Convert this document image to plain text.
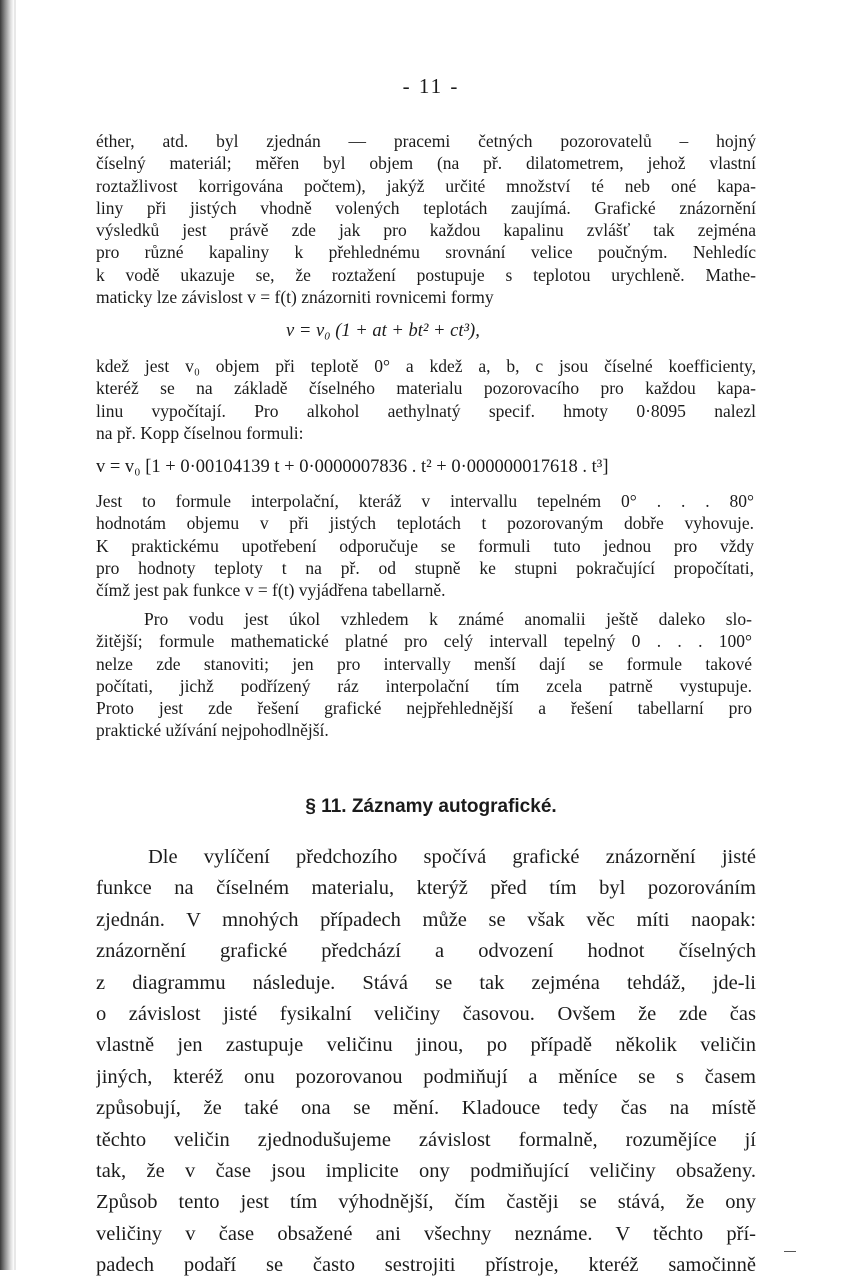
- 11 -
éther, atd. byl zjednán — pracemi četných pozorovatelů – hojný
číselný materiál; měřen byl objem (na př. dilatometrem, jehož vlastní
roztažlivost korrigována počtem), jakýž určité množství té neb oné kapa-
liny při jistých vhodně volených teplotách zaujímá. Grafické znázornění
výsledků jest právě zde jak pro každou kapalinu zvlášť tak zejména
pro různé kapaliny k přehlednému srovnání velice poučným. Nehledíc
k vodě ukazuje se, že roztažení postupuje s teplotou urychleně. Mathe-
maticky lze závislost v = f(t) znázorniti rovnicemi formy
v = v₀ (1 + at + bt² + ct³),
kdež jest v₀ objem při teplotě 0° a kdež a, b, c jsou číselné koefficienty,
kteréž se na základě číselného materialu pozorovacího pro každou kapa-
linu vypočítají. Pro alkohol aethylnatý specif. hmoty 0·8095 nalezl
na př. Kopp číselnou formuli:
v = v₀ [1 + 0·00104139 t + 0·0000007836 . t² + 0·000000017618 . t³]
Jest to formule interpolační, kteráž v intervallu tepelném 0° . . . 80°
hodnotám objemu v při jistých teplotách t pozorovaným dobře vyhovuje.
K praktickému upotřebení odporučuje se formuli tuto jednou pro vždy
pro hodnoty teploty t na př. od stupně ke stupni pokračující propočítati,
čímž jest pak funkce v = f(t) vyjádřena tabellarně.
Pro vodu jest úkol vzhledem k známé anomalii ještě daleko slo-
žitější; formule mathematické platné pro celý intervall tepelný 0 . . . 100°
nelze zde stanoviti; jen pro intervally menší dají se formule takové
počítati, jichž podřízený ráz interpolační tím zcela patrně vystupuje.
Proto jest zde řešení grafické nejpřehlednější a řešení tabellarní pro
praktické užívání nejpohodlnější.
§ 11. Záznamy autografické.
Dle vylíčení předchozího spočívá grafické znázornění jisté
funkce na číselném materialu, kterýž před tím byl pozorováním
zjednán. V mnohých případech může se však věc míti naopak:
znázornění grafické předchází a odvození hodnot číselných
z diagrammu následuje. Stává se tak zejména tehdáž, jde-li
o závislost jisté fysikalní veličiny časovou. Ovšem že zde čas
vlastně jen zastupuje veličinu jinou, po případě několik veličin
jiných, kteréž onu pozorovanou podmiňují a měníce se s časem
způsobují, že také ona se mění. Kladouce tedy čas na místě
těchto veličin zjednodušujeme závislost formalně, rozumějíce jí
tak, že v čase jsou implicite ony podmiňující veličiny obsaženy.
Způsob tento jest tím výhodnější, čím častěji se stává, že ony
veličiny v čase obsažené ani všechny neznáme. V těchto pří-
padech podaří se často sestrojiti přístroje, kteréž samočinně
